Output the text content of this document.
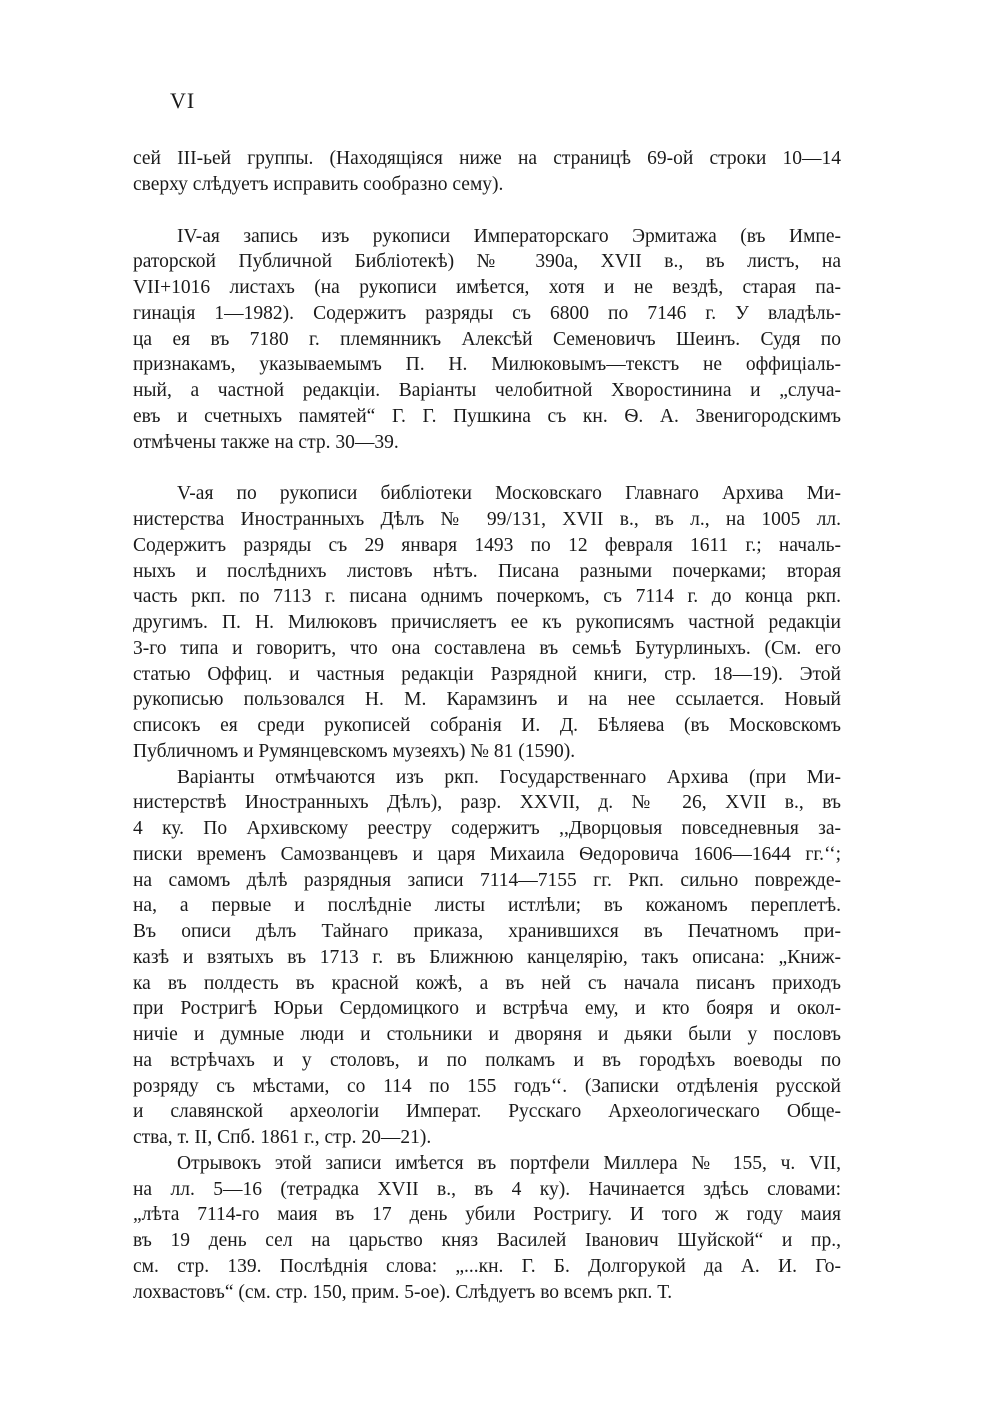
VI
сей III-ьей группы. (Находящіяся ниже на страницѣ 69-ой строки 10—14
сверху слѣдуетъ исправить сообразно сему).
IV-ая запись изъ рукописи Императорскаго Эрмитажа (въ Импе-
раторской Публичной Библіотекѣ) № 390а, XVII в., въ листъ, на
VII+1016 листахъ (на рукописи имѣется, хотя и не вездѣ, старая па-
гинація 1—1982). Содержитъ разряды съ 6800 по 7146 г. У владѣль-
ца ея въ 7180 г. племянникъ Алексѣй Семеновичъ Шеинъ. Судя по
признакамъ, указываемымъ П. Н. Милюковымъ—текстъ не оффиціаль-
ный, а частной редакціи. Варіанты челобитной Хворостинина и „случа-
евъ и счетныхъ памятей“ Г. Г. Пушкина съ кн. Ѳ. А. Звенигородскимъ
отмѣчены также на стр. 30—39.
V-ая по рукописи библіотеки Московскаго Главнаго Архива Ми-
нистерства Иностранныхъ Дѣлъ № 99/131, XVII в., въ л., на 1005 лл.
Содержитъ разряды съ 29 января 1493 по 12 февраля 1611 г.; началь-
ныхъ и послѣднихъ листовъ нѣтъ. Писана разными почерками; вторая
часть ркп. по 7113 г. писана однимъ почеркомъ, съ 7114 г. до конца ркп.
другимъ. П. Н. Милюковъ причисляетъ ее къ рукописямъ частной редакціи
3-го типа и говоритъ, что она составлена въ семьѣ Бутурлиныхъ. (См. его
статью Оффиц. и частныя редакціи Разрядной книги, стр. 18—19). Этой
рукописью пользовался Н. М. Карамзинъ и на нее ссылается. Новый
списокъ ея среди рукописей собранія И. Д. Бѣляева (въ Московскомъ
Публичномъ и Румянцевскомъ музеяхъ) № 81 (1590).
Варіанты отмѣчаются изъ ркп. Государственнаго Архива (при Ми-
нистерствѣ Иностранныхъ Дѣлъ), разр. XXVII, д. № 26, XVII в., въ
4 ку. По Архивскому реестру содержитъ ,,Дворцовыя повседневныя за-
писки временъ Самозванцевъ и царя Михаила Ѳедоровича 1606—1644 гг.‘‘;
на самомъ дѣлѣ разрядныя записи 7114—7155 гг. Ркп. сильно поврежде-
на, а первые и послѣдніе листы истлѣли; въ кожаномъ переплетѣ.
Въ описи дѣлъ Тайнаго приказа, хранившихся въ Печатномъ при-
казѣ и взятыхъ въ 1713 г. въ Ближнюю канцелярію, такъ описана: „Книж-
ка въ полдесть въ красной кожѣ, а въ ней съ начала писанъ приходъ
при Ростригѣ Юрьи Сердомицкого и встрѣча ему, и кто бояря и окол-
ничіе и думные люди и стольники и дворяня и дьяки были у пословъ
на встрѣчахъ и у столовъ, и по полкамъ и въ городѣхъ воеводы по
розряду съ мѣстами, со 114 по 155 годъ‘‘. (Записки отдѣленія русской
и славянской археологіи Императ. Русскаго Археологическаго Обще-
ства, т. II, Спб. 1861 г., стр. 20—21).
Отрывокъ этой записи имѣется въ портфели Миллера № 155, ч. VII,
на лл. 5—16 (тетрадка XVII в., въ 4 ку). Начинается здѣсь словами:
„лѣта 7114-го маия въ 17 день убили Ростригу. И того ж году маия
въ 19 день сел на царьство княз Василей Іванович Шуйской“ и пр.,
см. стр. 139. Послѣднія слова: „...кн. Г. Б. Долгорукой да А. И. Го-
лохвастовъ“ (см. стр. 150, прим. 5-ое). Слѣдуетъ во всемъ ркп. Т.
